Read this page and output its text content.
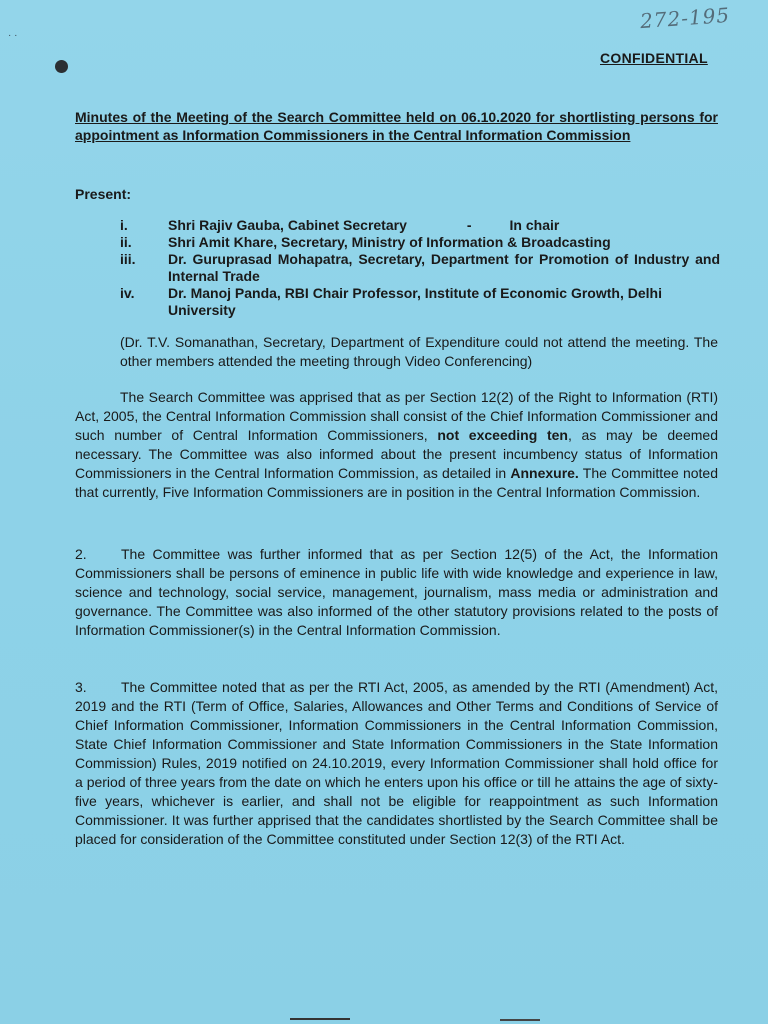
272-195
· ·
CONFIDENTIAL
Minutes of the Meeting of the Search Committee held on 06.10.2020 for shortlisting persons for appointment as Information Commissioners in the Central Information Commission
Present:
i.	Shri Rajiv Gauba, Cabinet Secretary	-	In chair
ii.	Shri Amit Khare, Secretary, Ministry of Information & Broadcasting
iii.	Dr. Guruprasad Mohapatra, Secretary, Department for Promotion of Industry and Internal Trade
iv.	Dr. Manoj Panda, RBI Chair Professor, Institute of Economic Growth, Delhi University
(Dr. T.V. Somanathan, Secretary, Department of Expenditure could not attend the meeting. The other members attended the meeting through Video Conferencing)
The Search Committee was apprised that as per Section 12(2) of the Right to Information (RTI) Act, 2005, the Central Information Commission shall consist of the Chief Information Commissioner and such number of Central Information Commissioners, not exceeding ten, as may be deemed necessary. The Committee was also informed about the present incumbency status of Information Commissioners in the Central Information Commission, as detailed in Annexure. The Committee noted that currently, Five Information Commissioners are in position in the Central Information Commission.
2. The Committee was further informed that as per Section 12(5) of the Act, the Information Commissioners shall be persons of eminence in public life with wide knowledge and experience in law, science and technology, social service, management, journalism, mass media or administration and governance. The Committee was also informed of the other statutory provisions related to the posts of Information Commissioner(s) in the Central Information Commission.
3. The Committee noted that as per the RTI Act, 2005, as amended by the RTI (Amendment) Act, 2019 and the RTI (Term of Office, Salaries, Allowances and Other Terms and Conditions of Service of Chief Information Commissioner, Information Commissioners in the Central Information Commission, State Chief Information Commissioner and State Information Commissioners in the State Information Commission) Rules, 2019 notified on 24.10.2019, every Information Commissioner shall hold office for a period of three years from the date on which he enters upon his office or till he attains the age of sixty-five years, whichever is earlier, and shall not be eligible for reappointment as such Information Commissioner. It was further apprised that the candidates shortlisted by the Search Committee shall be placed for consideration of the Committee constituted under Section 12(3) of the RTI Act.
